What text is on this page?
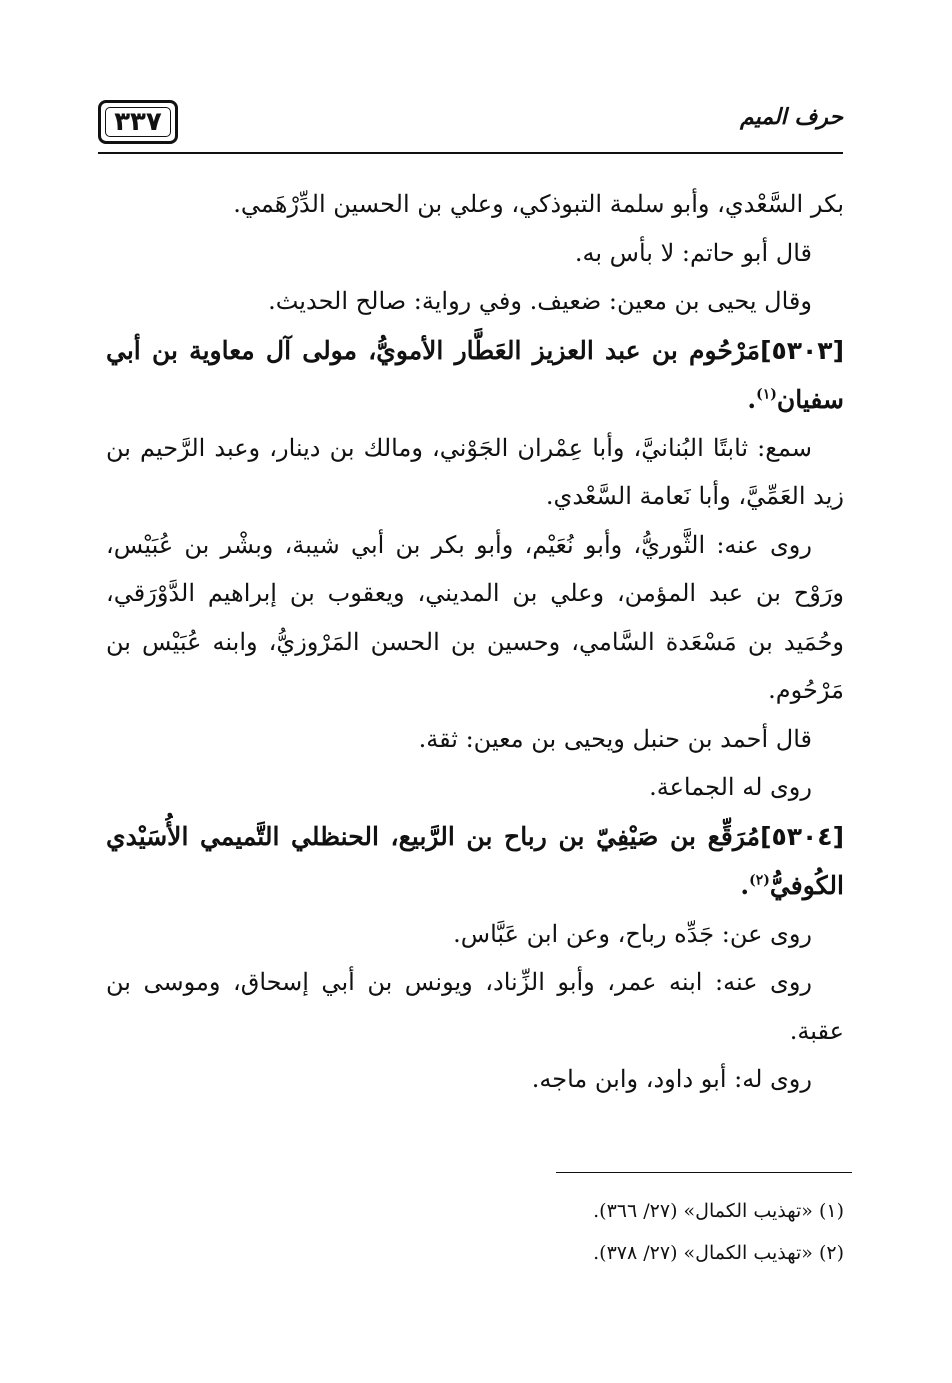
٣٣٧	حرف الميم

بكر السَّعْدي، وأبو سلمة التبوذكي، وعلي بن الحسين الدِّرْهَمي.

قال أبو حاتم: لا بأس به.

وقال يحيى بن معين: ضعيف. وفي رواية: صالح الحديث.

[٥٣٠٣]مَرْحُوم بن عبد العزيز العَطَّار الأمويُّ، مولى آل معاوية بن أبي سفيان$^{(١)}$.

سمع: ثابتًا البُنانيَّ، وأبا عِمْران الجَوْني، ومالك بن دينار، وعبد الرَّحيم بن زيد العَمِّيَّ، وأبا نَعامة السَّعْدي.

روى عنه: الثَّوريُّ، وأبو نُعَيْم، وأبو بكر بن أبي شيبة، وبشْر بن عُبَيْس، ورَوْح بن عبد المؤمن، وعلي بن المديني، ويعقوب بن إبراهيم الدَّوْرَقي، وحُمَيد بن مَسْعَدة السَّامي، وحسين بن الحسن المَرْوزيُّ، وابنه عُبَيْس بن مَرْحُوم.

قال أحمد بن حنبل ويحيى بن معين: ثقة.

روى له الجماعة.

[٥٣٠٤]مُرَقِّع بن صَيْفِيّ بن رباح بن الرَّبيع، الحنظلي التَّميمي الأُسَيْدي الكُوفيُّ$^{(٢)}$.

روى عن: جَدِّه رباح، وعن ابن عَبَّاس.

روى عنه: ابنه عمر، وأبو الزِّناد، ويونس بن أبي إسحاق، وموسى بن عقبة.

روى له: أبو داود، وابن ماجه.

(١) «تهذيب الكمال» (٢٧/ ٣٦٦).

(٢) «تهذيب الكمال» (٢٧/ ٣٧٨).
